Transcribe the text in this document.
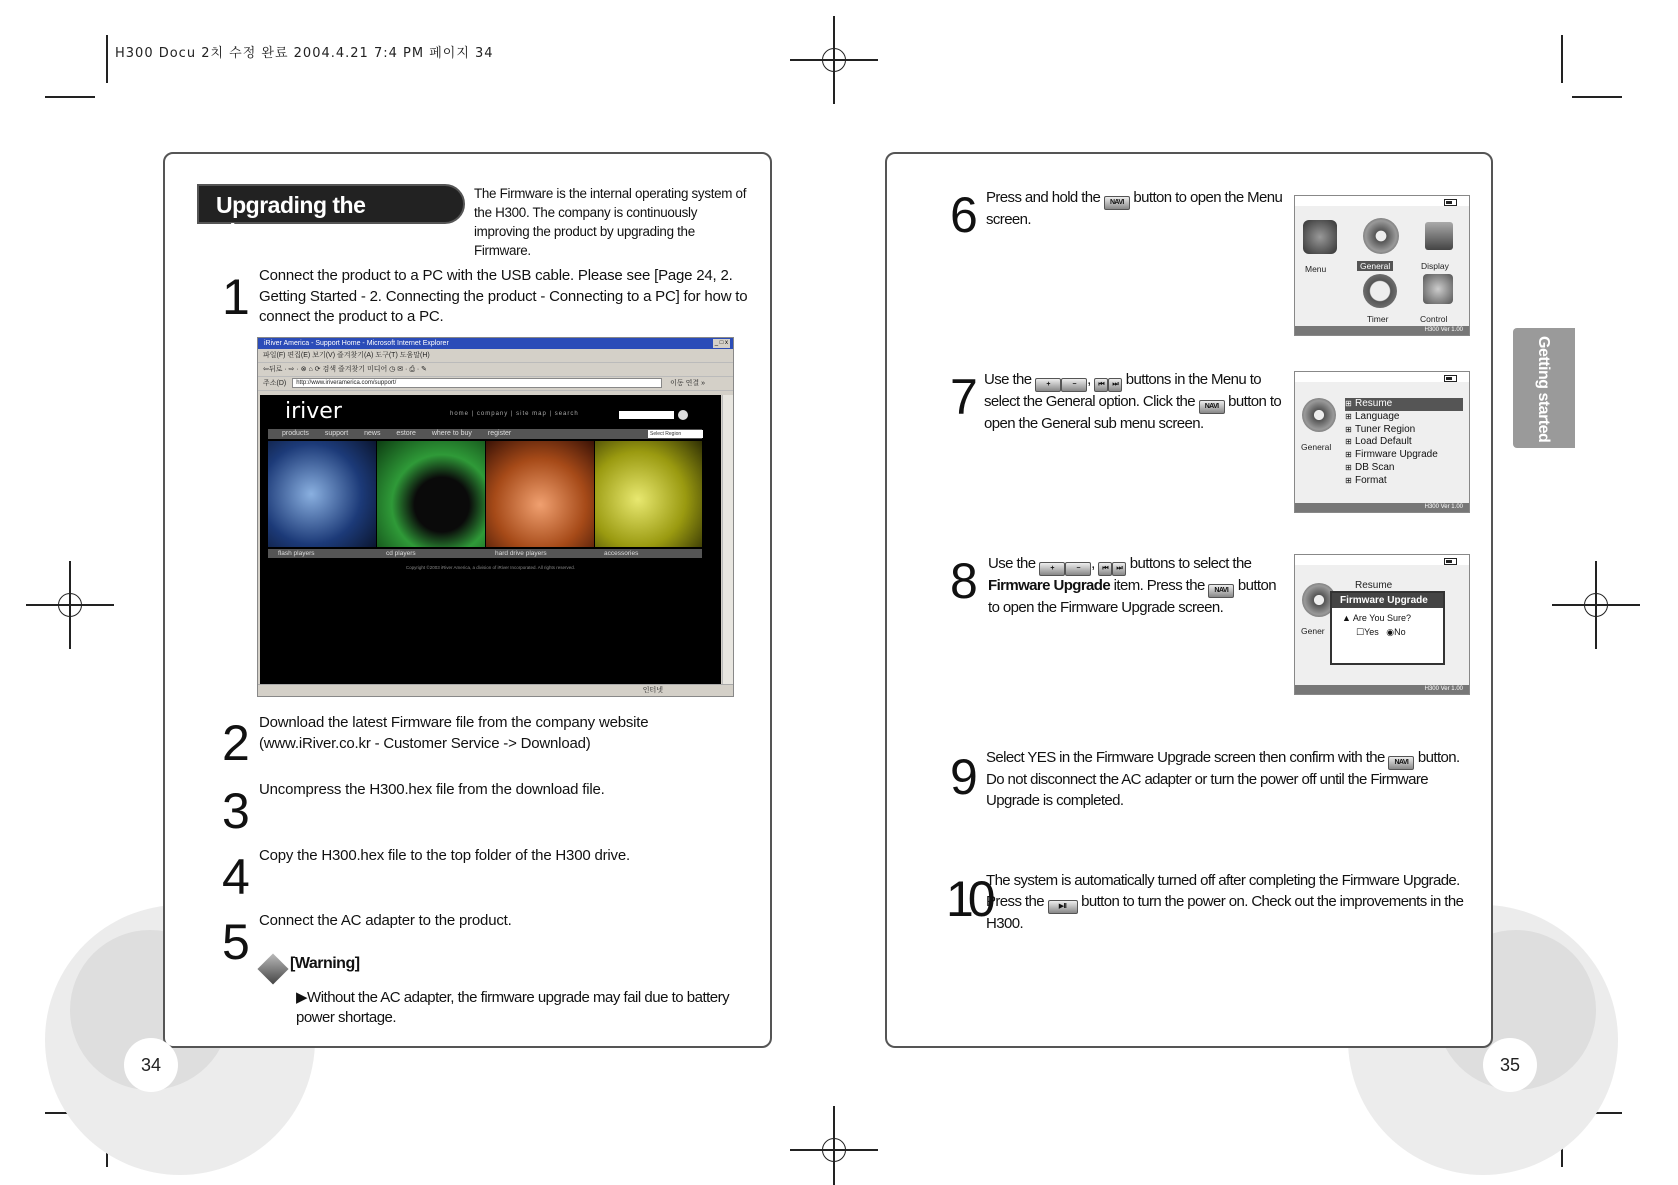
H300 Docu 2치 수정 완료 2004.4.21 7:4 PM 페이지 34
Upgrading the Firmware
The Firmware is the internal operating system of the H300. The company is continuously improving the product by upgrading the Firmware.
1 Connect the product to a PC with the USB cable. Please see [Page 24, 2. Getting Started - 2. Connecting the product - Connecting to a PC] for how to connect the product to a PC.
iRiver America - Support Home - Microsoft Internet Explorer	_ □ x
파일(F) 편집(E) 보기(V) 즐겨찾기(A) 도구(T) 도움말(H)
⇦뒤로 · ⇨ · ⊗ ⌂ ⟳ 검색 즐겨찾기 미디어 ◷ ✉ · ⎙ · ✎
주소(D) http://www.iriveramerica.com/support/	이동 연결 »
iriver	home | company | site map | search
products support news estore where to buy register	Select Region
flash players	cd players	hard drive players	accessories
Copyright ©2003 iRiver America, a division of iRiver Incorporated. All rights reserved.
인터넷
2 Download the latest Firmware file from the company website (www.iRiver.co.kr - Customer Service -> Download)
3 Uncompress the H300.hex file from the download file.
4 Copy the H300.hex file to the top folder of the H300 drive.
5 Connect the AC adapter to the product.
[Warning]
▶Without the AC adapter, the firmware upgrade may fail due to battery power shortage.
34
6 Press and hold the NAVI button to open the Menu screen.
Menu	General	Display
Timer	Control
H300 Ver 1.00
7 Use the +	− , ⏮ ⏭ buttons in the Menu to select the General option. Click the NAVI button to open the General sub menu screen.
General
⊞ Resume
⊞ Language
⊞ Tuner Region
⊞ Load Default
⊞ Firmware Upgrade
⊞ DB Scan
⊞ Format
H300 Ver 1.00
8 Use the +	− , ⏮ ⏭ buttons to select the Firmware Upgrade item. Press the NAVI button to open the Firmware Upgrade screen.
Gener
Resume
Firmware Upgrade
▲ Are You Sure?
☐Yes ◉No
H300 Ver 1.00
9 Select YES in the Firmware Upgrade screen then confirm with the NAVI button. Do not disconnect the AC adapter or turn the power off until the Firmware Upgrade is completed.
10
The system is automatically turned off after completing the Firmware Upgrade. Press the ▶II button to turn the power on. Check out the improvements in the H300.
35
Getting started
